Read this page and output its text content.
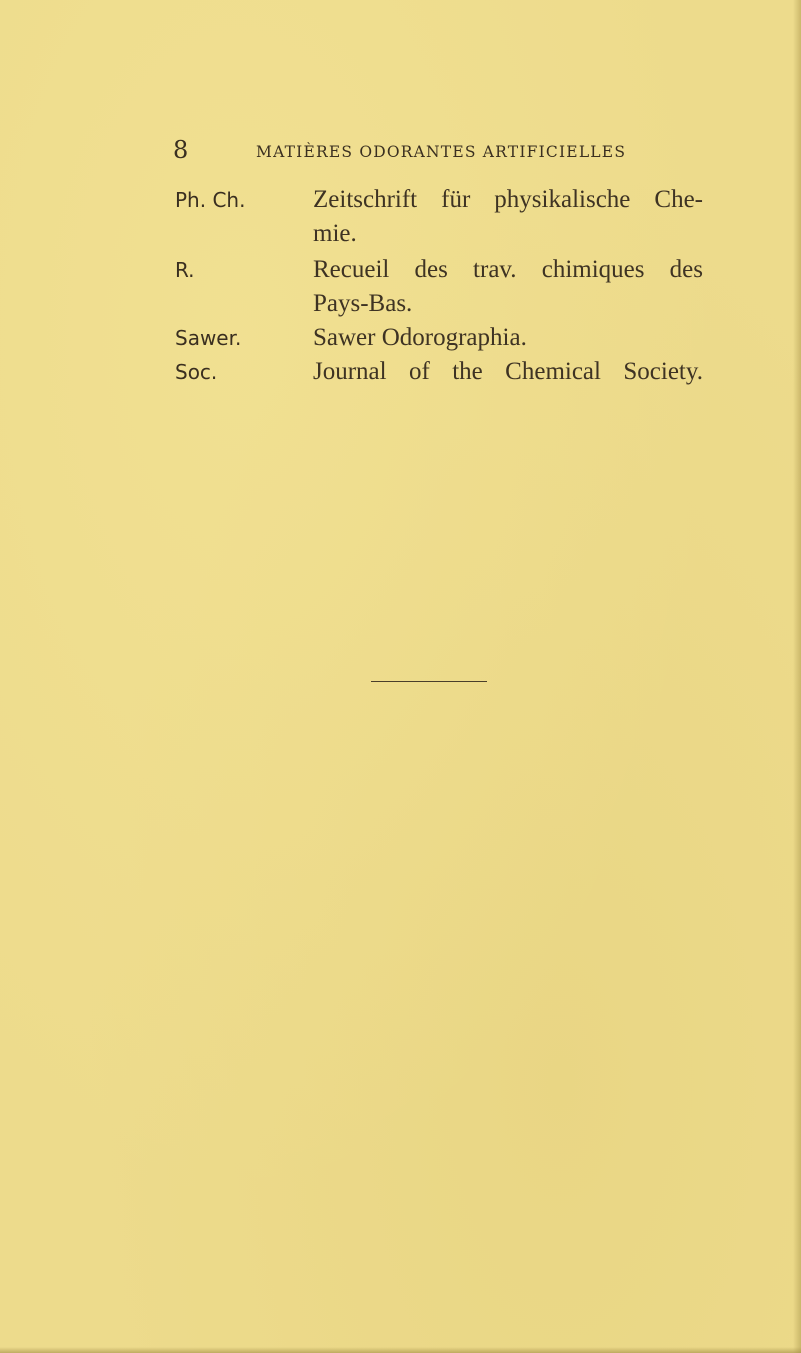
8	MATIÈRES ODORANTES ARTIFICIELLES
Ph. Ch.	Zeitschrift für physikalische Che-
mie.
R.	Recueil des trav. chimiques des
Pays-Bas.
Sawer.	Sawer Odorographia.
Soc.	Journal of the Chemical Society.
